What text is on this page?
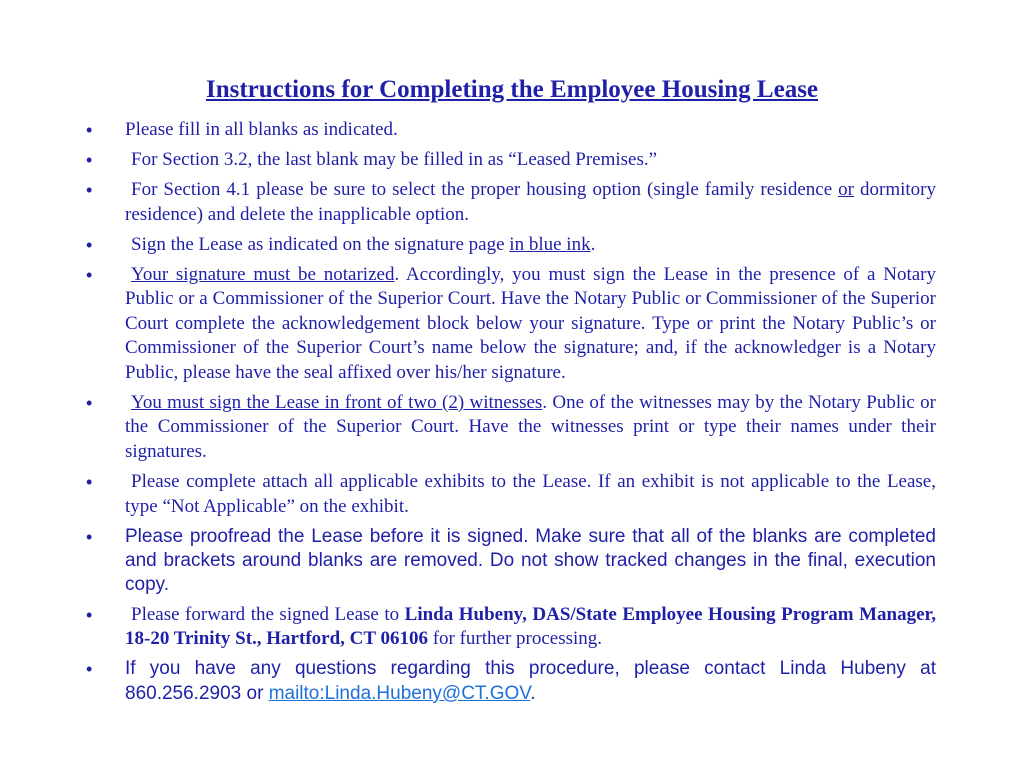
Instructions for Completing the Employee Housing Lease
• Please fill in all blanks as indicated.
• For Section 3.2, the last blank may be filled in as “Leased Premises.”
• For Section 4.1 please be sure to select the proper housing option (single family residence or dormitory residence) and delete the inapplicable option.
• Sign the Lease as indicated on the signature page in blue ink.
• Your signature must be notarized. Accordingly, you must sign the Lease in the presence of a Notary Public or a Commissioner of the Superior Court. Have the Notary Public or Commissioner of the Superior Court complete the acknowledgement block below your signature. Type or print the Notary Public’s or Commissioner of the Superior Court’s name below the signature; and, if the acknowledger is a Notary Public, please have the seal affixed over his/her signature.
• You must sign the Lease in front of two (2) witnesses. One of the witnesses may by the Notary Public or the Commissioner of the Superior Court. Have the witnesses print or type their names under their signatures.
• Please complete attach all applicable exhibits to the Lease. If an exhibit is not applicable to the Lease, type “Not Applicable” on the exhibit.
• Please proofread the Lease before it is signed. Make sure that all of the blanks are completed and brackets around blanks are removed. Do not show tracked changes in the final, execution copy.
• Please forward the signed Lease to Linda Hubeny, DAS/State Employee Housing Program Manager, 18-20 Trinity St., Hartford, CT 06106 for further processing.
• If you have any questions regarding this procedure, please contact Linda Hubeny at 860.256.2903 or mailto:Linda.Hubeny@CT.GOV.
